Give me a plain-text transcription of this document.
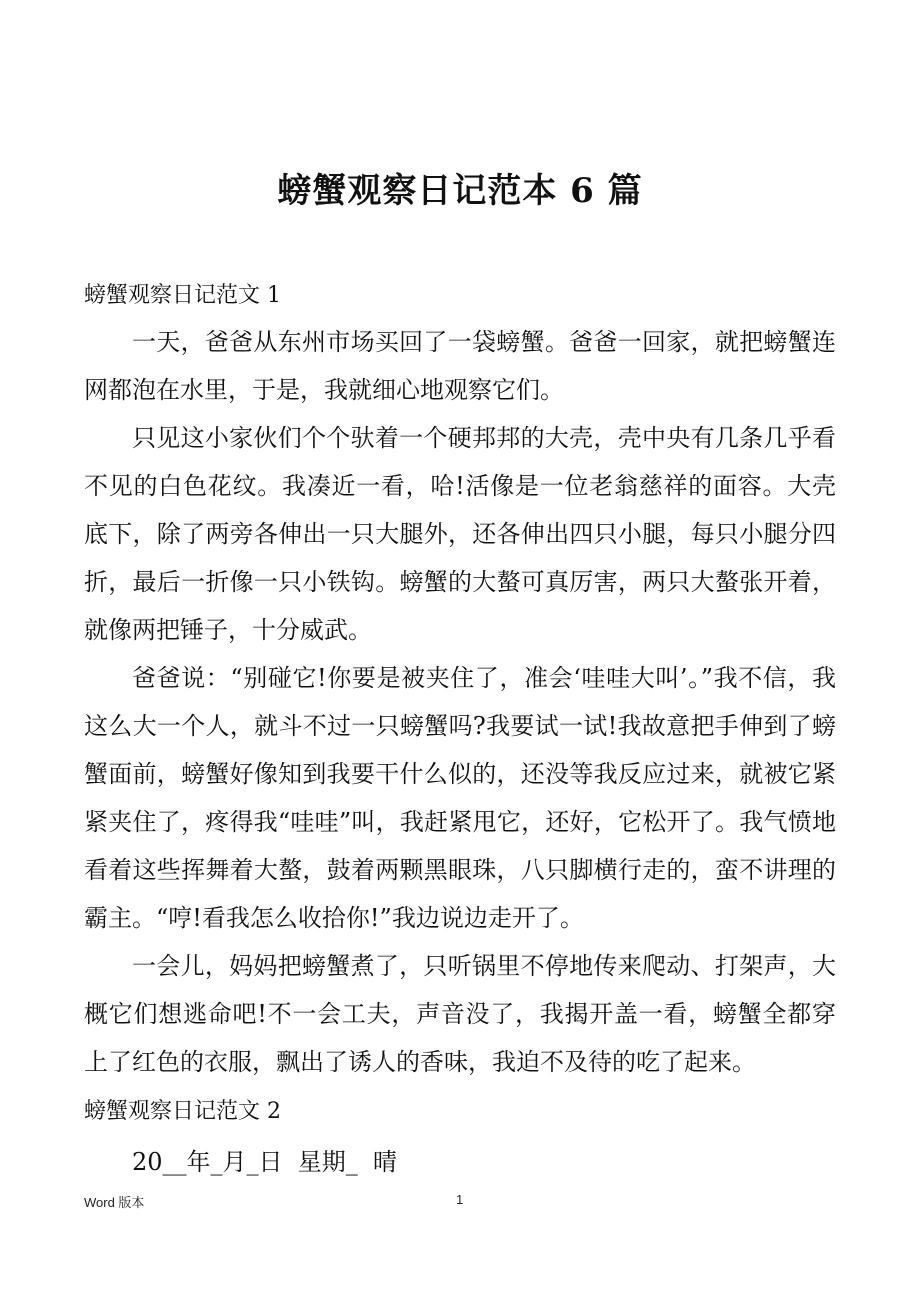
螃蟹观察日记范本 6 篇
螃蟹观察日记范文 1

一天，爸爸从东州市场买回了一袋螃蟹。爸爸一回家，就把螃蟹连网都泡在水里，于是，我就细心地观察它们。

只见这小家伙们个个驮着一个硬邦邦的大壳，壳中央有几条几乎看不见的白色花纹。我凑近一看，哈!活像是一位老翁慈祥的面容。大壳底下，除了两旁各伸出一只大腿外，还各伸出四只小腿，每只小腿分四折，最后一折像一只小铁钩。螃蟹的大螯可真厉害，两只大螯张开着，就像两把锤子，十分威武。

爸爸说：“别碰它!你要是被夹住了，准会‘哇哇大叫’。”我不信，我这么大一个人，就斗不过一只螃蟹吗?我要试一试!我故意把手伸到了螃蟹面前，螃蟹好像知到我要干什么似的，还没等我反应过来，就被它紧紧夹住了，疼得我“哇哇”叫，我赶紧甩它，还好，它松开了。我气愤地看着这些挥舞着大螯，鼓着两颗黑眼珠，八只脚横行走的，蛮不讲理的霸主。“哼!看我怎么收拾你!”我边说边走开了。

一会儿，妈妈把螃蟹煮了，只听锅里不停地传来爬动、打架声，大概它们想逃命吧!不一会工夫，声音没了，我揭开盖一看，螃蟹全都穿上了红色的衣服，飘出了诱人的香味，我迫不及待的吃了起来。

螃蟹观察日记范文 2

20__年_月_日  星期_  晴

Word 版本	1
